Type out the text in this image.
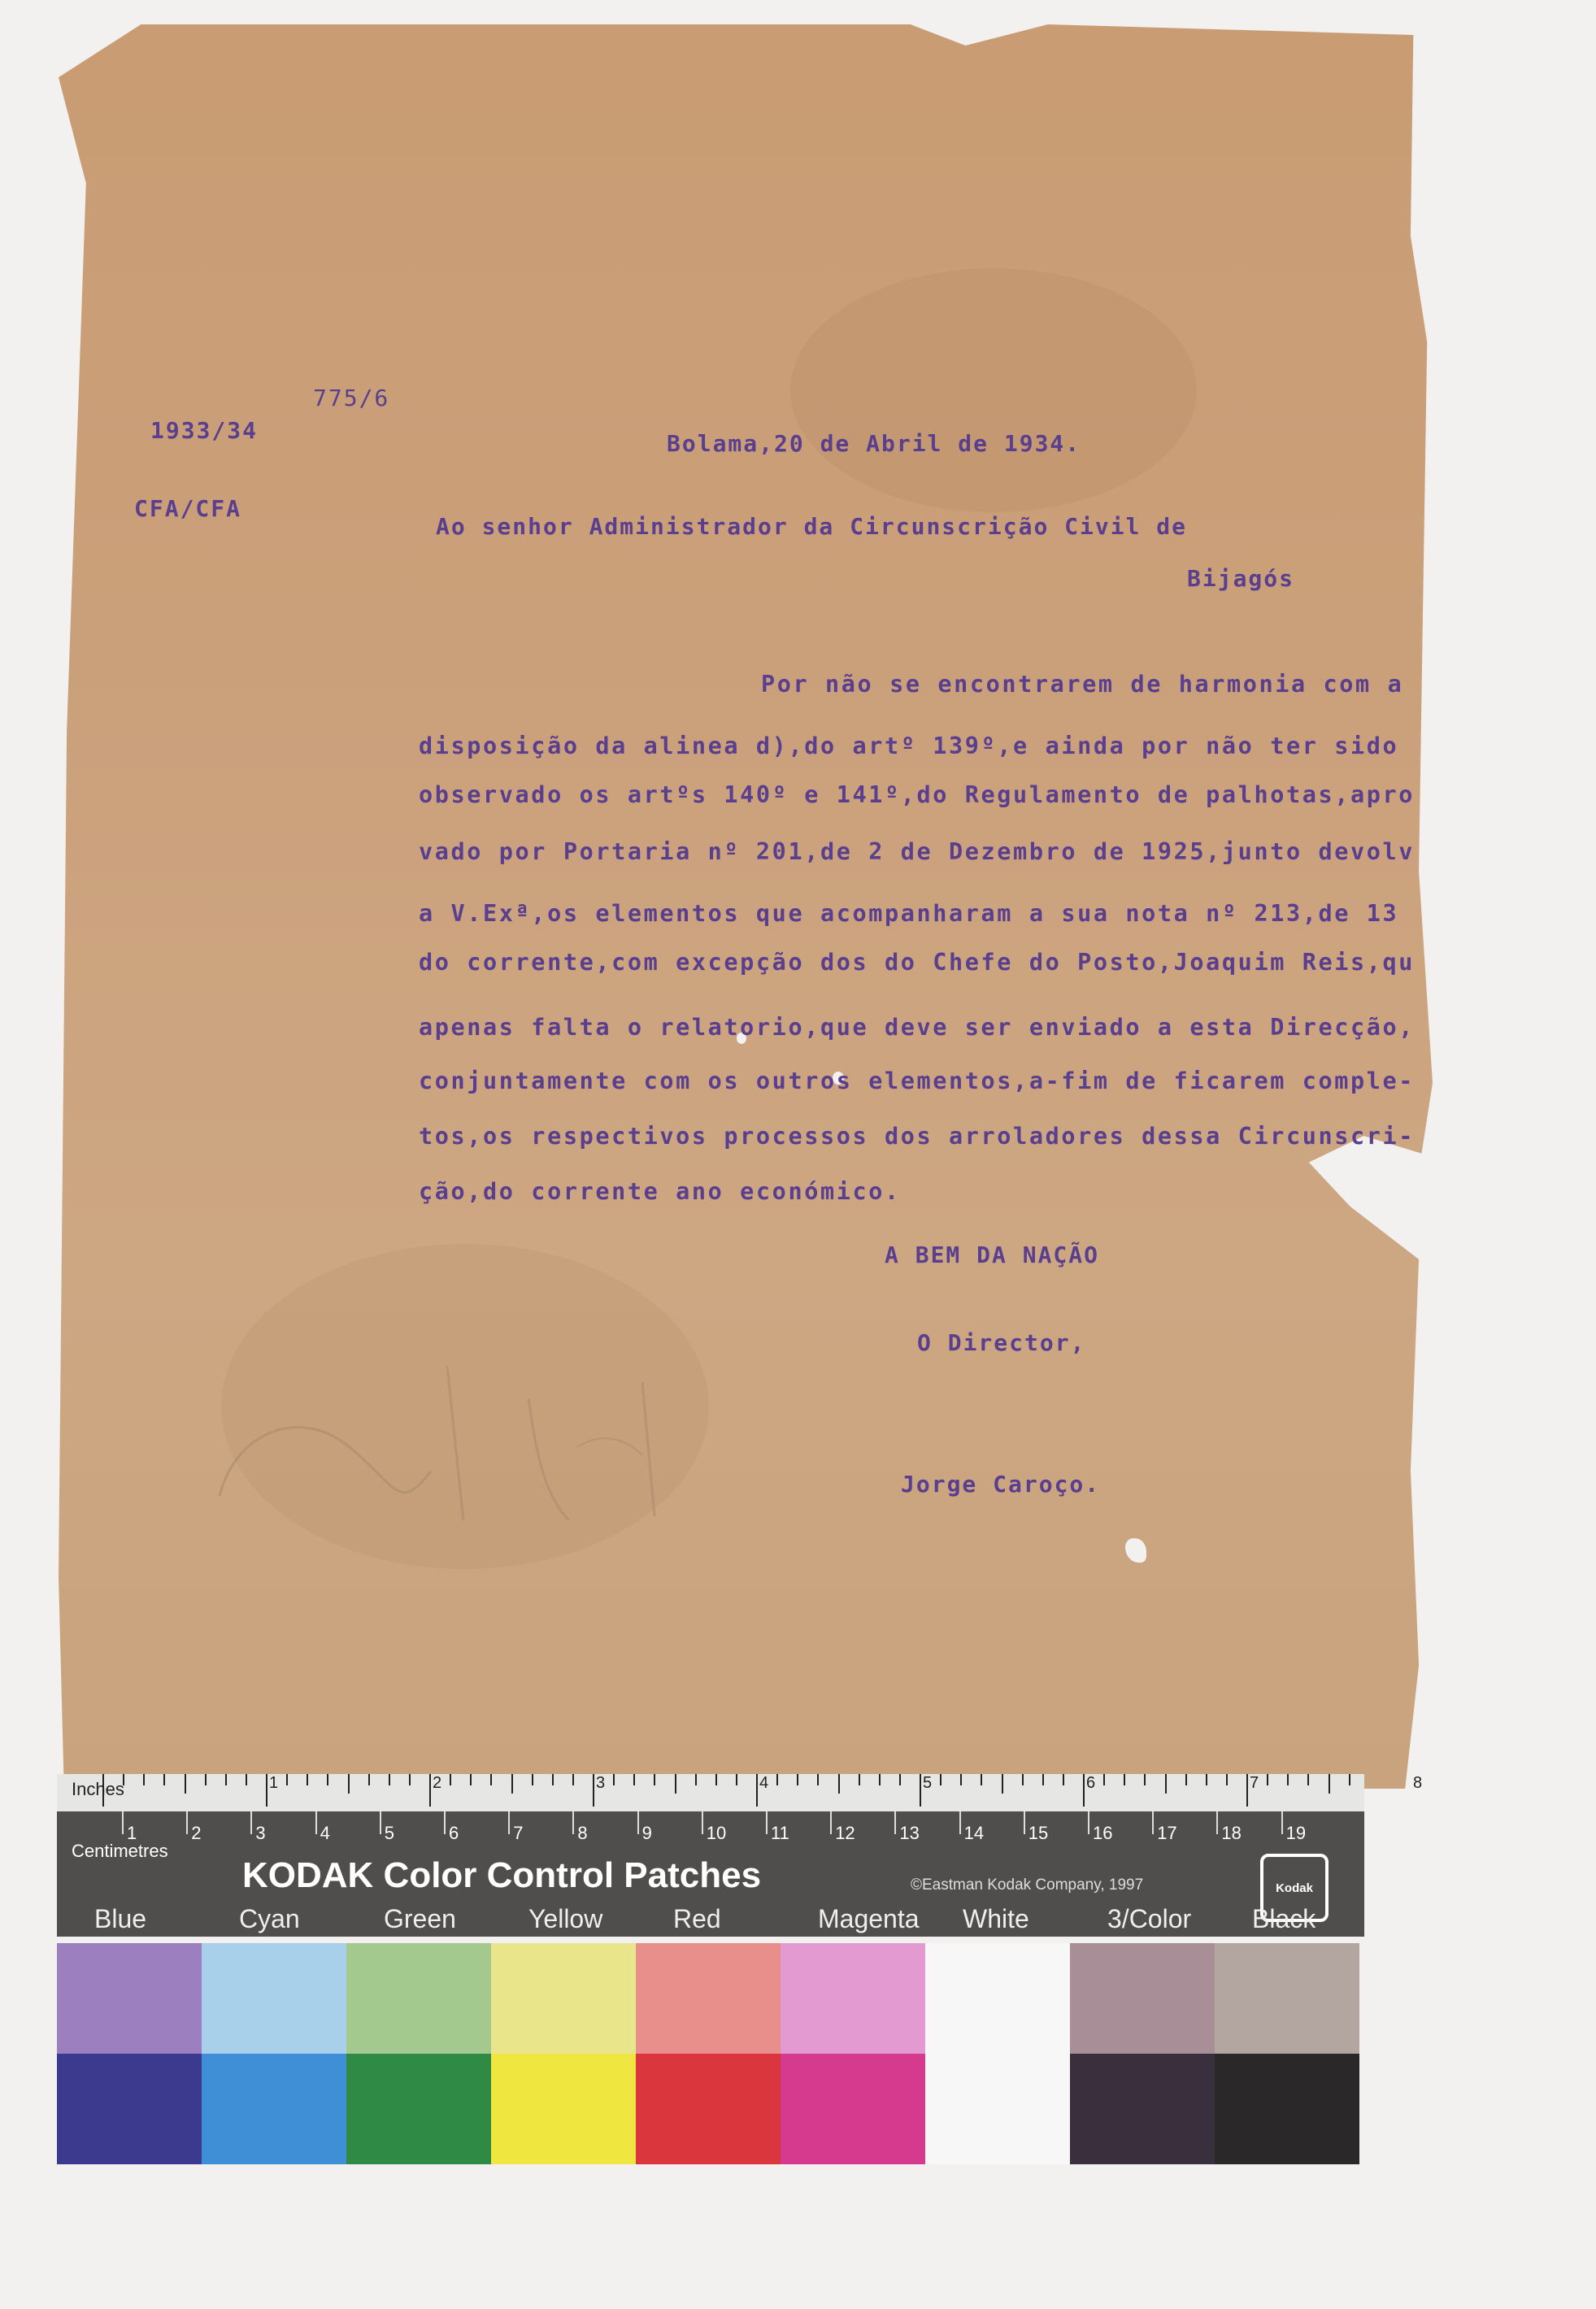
775/6

1933/34

CFA/CFA

Bolama,20 de Abril de 1934.

Ao senhor Administrador da Circunscrição Civil de

Bijagós

Por não se encontrarem de harmonia com a

disposição da alinea d),do artº 139º,e ainda por não ter sido

observado os artºs 140º e 141º,do Regulamento de palhotas,apro

vado por Portaria nº 201,de 2 de Dezembro de 1925,junto devolv

a V.Exª,os elementos que acompanharam a sua nota nº 213,de 13

do corrente,com excepção dos do Chefe do Posto,Joaquim Reis,qu

apenas falta o relatorio,que deve ser enviado a esta Direcção,

conjuntamente com os outros elementos,a-fim de ficarem comple-

tos,os respectivos processos dos arroladores dessa Circunscri-

ção,do corrente ano económico.

A BEM DA NAÇÃO

O Director,

Jorge Caroço.

1	2	3	4	5	6	7	8
Inches
Centimetres
KODAK Color Control Patches	©Eastman Kodak Company, 1997	Kodak
Blue	Cyan	Green	Yellow	Red	Magenta White	3/Color Black
1	2	3	4	5	6	7	8	9	10 11	12 13 14 15 16 17 18 19
